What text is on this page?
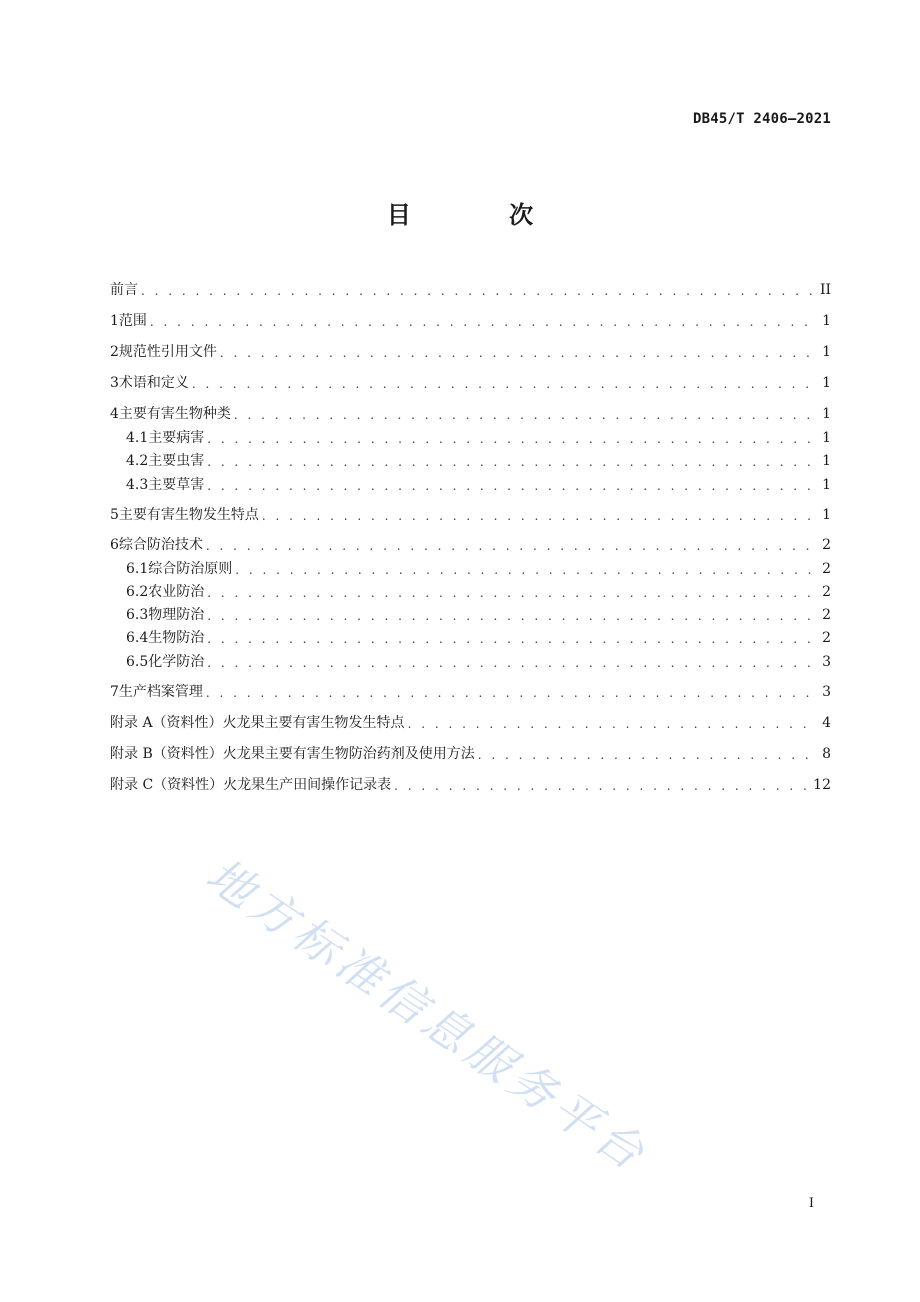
DB45/T 2406—2021
目 次
前言 . . .	II
1 范围 . . .	1
2 规范性引用文件 . . .	1
3 术语和定义 . . .	1
4 主要有害生物种类 . . .	1
4.1 主要病害 . . .	1
4.2 主要虫害 . . .	1
4.3 主要草害 . . .	1
5 主要有害生物发生特点 . . .	1
6 综合防治技术 . . .	2
6.1 综合防治原则 . . .	2
6.2 农业防治 . . .	2
6.3 物理防治 . . .	2
6.4 生物防治 . . .	2
6.5 化学防治 . . .	3
7 生产档案管理 . . .	3
附录 A（资料性） 火龙果主要有害生物发生特点 . . .	4
附录 B（资料性） 火龙果主要有害生物防治药剂及使用方法 . . .	8
附录 C（资料性） 火龙果生产田间操作记录表 . . .	12
地方标准信息服务平台
I
